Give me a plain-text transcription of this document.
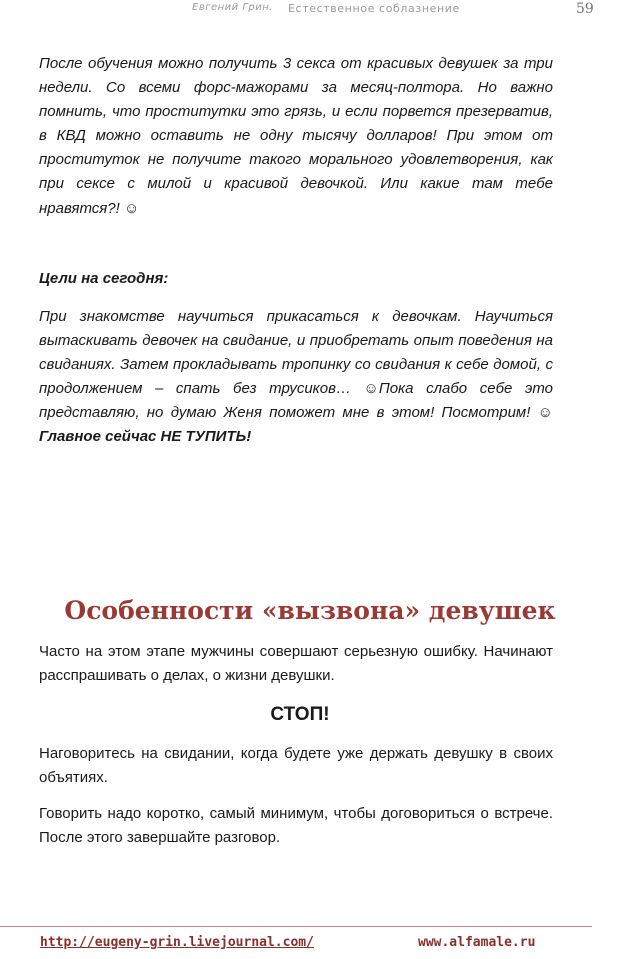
Евгений Грин. Естественное соблазнение	59

После обучения можно получить 3 секса от красивых девушек за три недели. Со всеми форс-мажорами за месяц-полтора. Но важно помнить, что проститутки это грязь, и если порвется презерватив, в КВД можно оставить не одну тысячу долларов! При этом от проституток не получите такого морального удовлетворения, как при сексе с милой и красивой девочкой. Или какие там тебе нравятся?! ☺

Цели на сегодня:

При знакомстве научиться прикасаться к девочкам. Научиться вытаскивать девочек на свидание, и приобретать опыт поведения на свиданиях. Затем прокладывать тропинку со свидания к себе домой, с продолжением – спать без трусиков… ☺Пока слабо себе это представляю, но думаю Женя поможет мне в этом! Посмотрим! ☺ Главное сейчас НЕ ТУПИТЬ!

Особенности «вызвона» девушек

Часто на этом этапе мужчины совершают серьезную ошибку. Начинают расспрашивать о делах, о жизни девушки.

СТОП!

Наговоритесь на свидании, когда будете уже держать девушку в своих объятиях.

Говорить надо коротко, самый минимум, чтобы договориться о встрече. После этого завершайте разговор.

http://eugeny-grin.livejournal.com/	www.alfamale.ru
